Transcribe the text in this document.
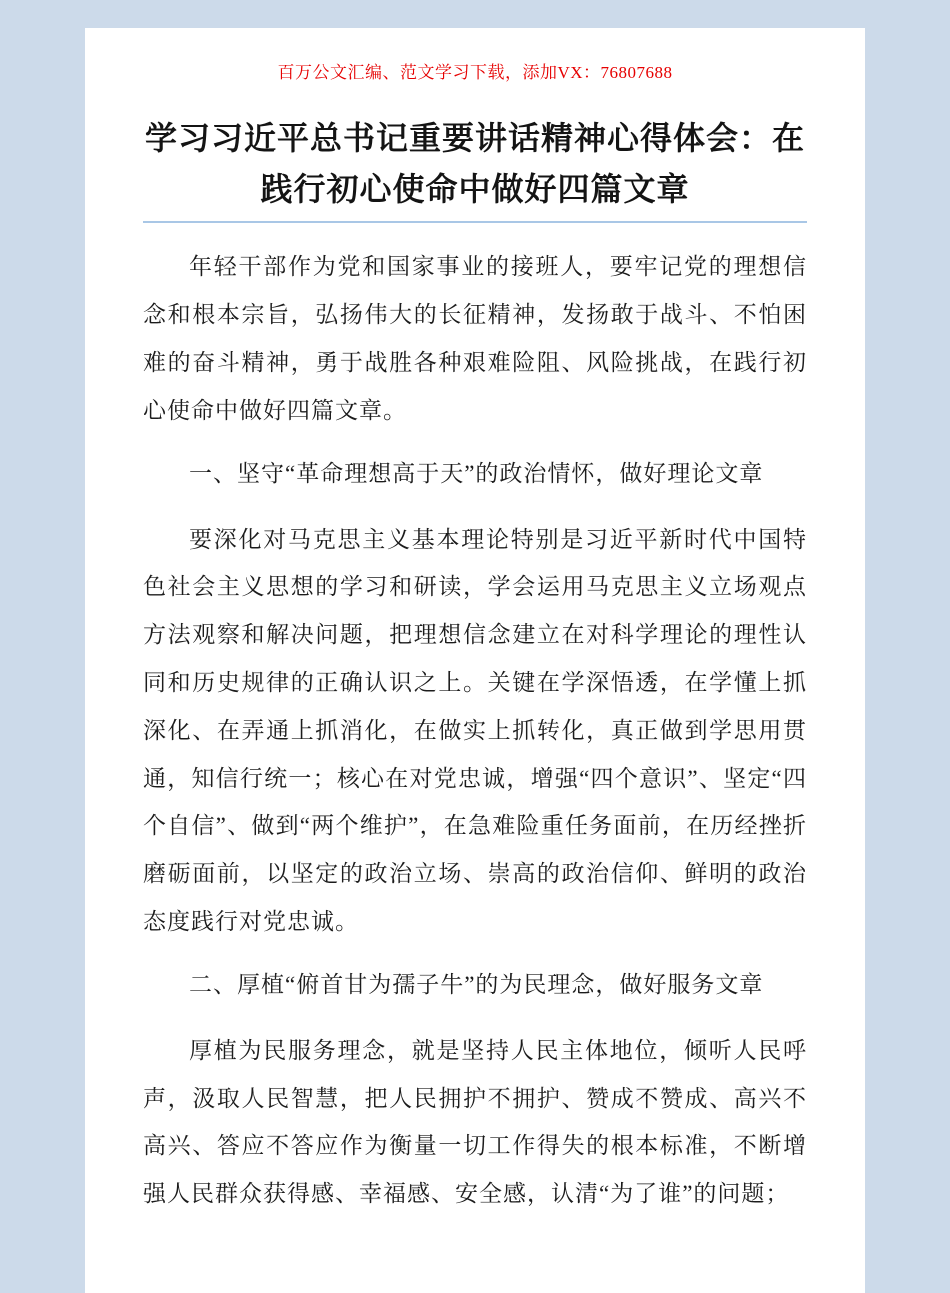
百万公文汇编、范文学习下载，添加VX：76807688
学习习近平总书记重要讲话精神心得体会：在践行初心使命中做好四篇文章

年轻干部作为党和国家事业的接班人，要牢记党的理想信念和根本宗旨，弘扬伟大的长征精神，发扬敢于战斗、不怕困难的奋斗精神，勇于战胜各种艰难险阻、风险挑战，在践行初心使命中做好四篇文章。

一、坚守“革命理想高于天”的政治情怀，做好理论文章

要深化对马克思主义基本理论特别是习近平新时代中国特色社会主义思想的学习和研读，学会运用马克思主义立场观点方法观察和解决问题，把理想信念建立在对科学理论的理性认同和历史规律的正确认识之上。关键在学深悟透，在学懂上抓深化、在弄通上抓消化，在做实上抓转化，真正做到学思用贯通，知信行统一；核心在对党忠诚，增强“四个意识”、坚定“四个自信”、做到“两个维护”，在急难险重任务面前，在历经挫折磨砺面前，以坚定的政治立场、崇高的政治信仰、鲜明的政治态度践行对党忠诚。

二、厚植“俯首甘为孺子牛”的为民理念，做好服务文章

厚植为民服务理念，就是坚持人民主体地位，倾听人民呼声，汲取人民智慧，把人民拥护不拥护、赞成不赞成、高兴不高兴、答应不答应作为衡量一切工作得失的根本标准，不断增强人民群众获得感、幸福感、安全感，认清“为了谁”的问题；
